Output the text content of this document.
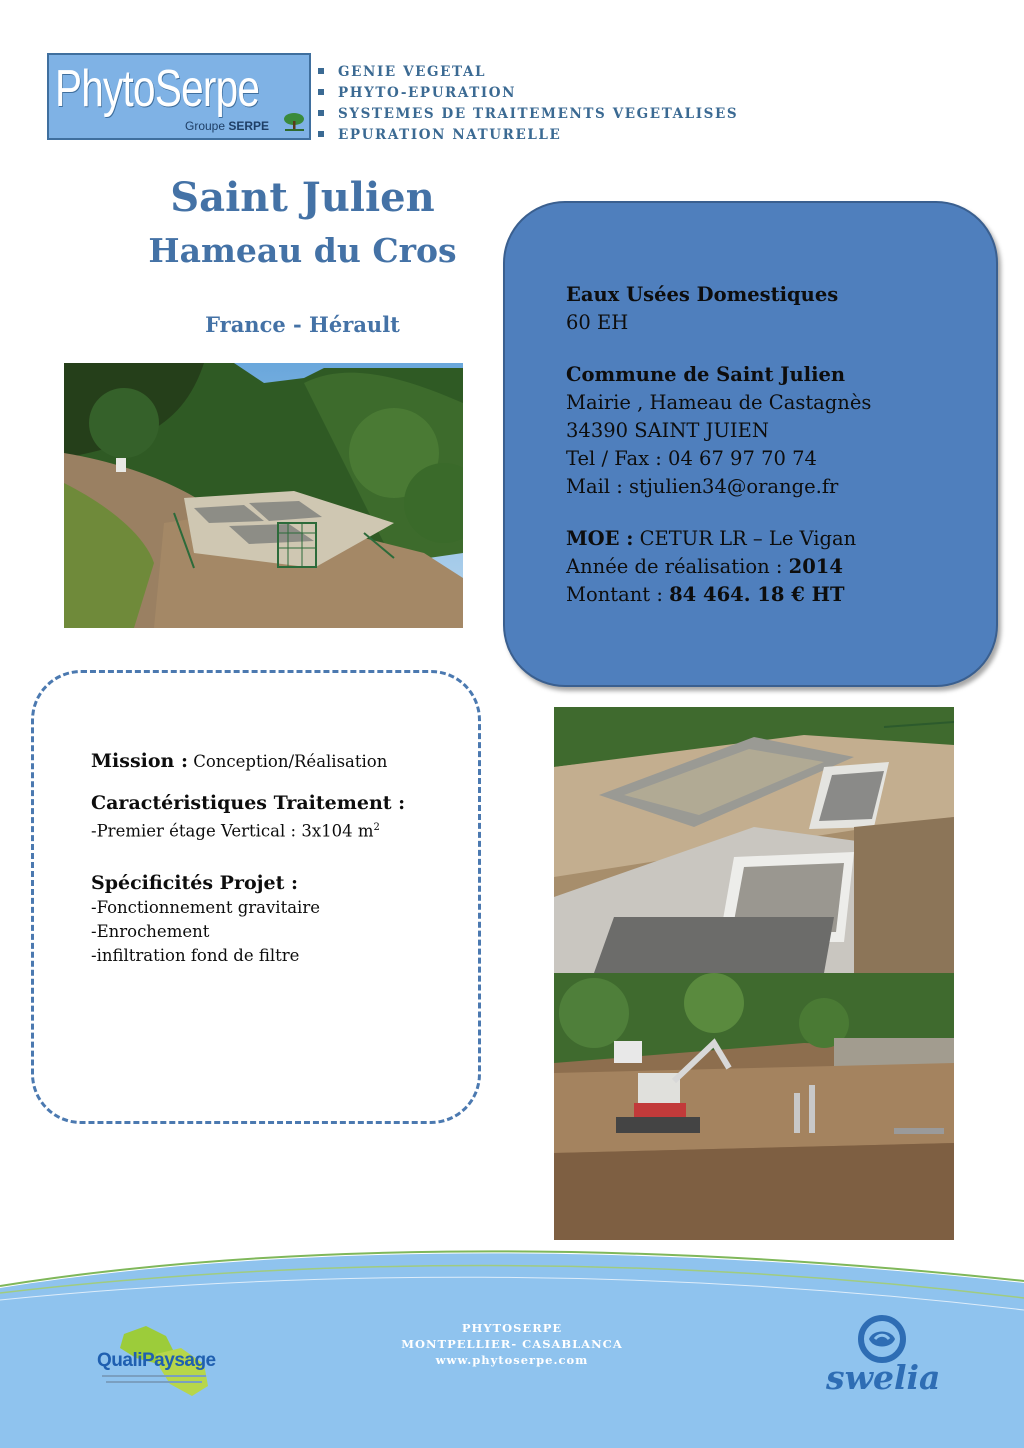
PhytoSerpe
Groupe SERPE
GENIE VEGETAL
PHYTO-EPURATION
SYSTEMES DE TRAITEMENTS VEGETALISES
EPURATION NATURELLE
Saint Julien
Hameau du Cros
France - Hérault

Eaux Usées Domestiques

60 EH

Commune de Saint Julien

Mairie , Hameau de Castagnès

34390 SAINT JUIEN

Tel / Fax : 04 67 97 70 74

Mail : stjulien34@orange.fr

MOE : CETUR LR – Le Vigan

Année de réalisation : 2014

Montant : 84 464. 18 € HT

Mission : Conception/Réalisation

Caractéristiques Traitement :

-Premier étage Vertical : 3x104 $m^2$

Spécificités Projet :

-Fonctionnement gravitaire

-Enrochement

-infiltration fond de filtre

PHYTOSERPE

MONTPELLIER- CASABLANCA

www.phytoserpe.com

QualiPaysage	swelia
